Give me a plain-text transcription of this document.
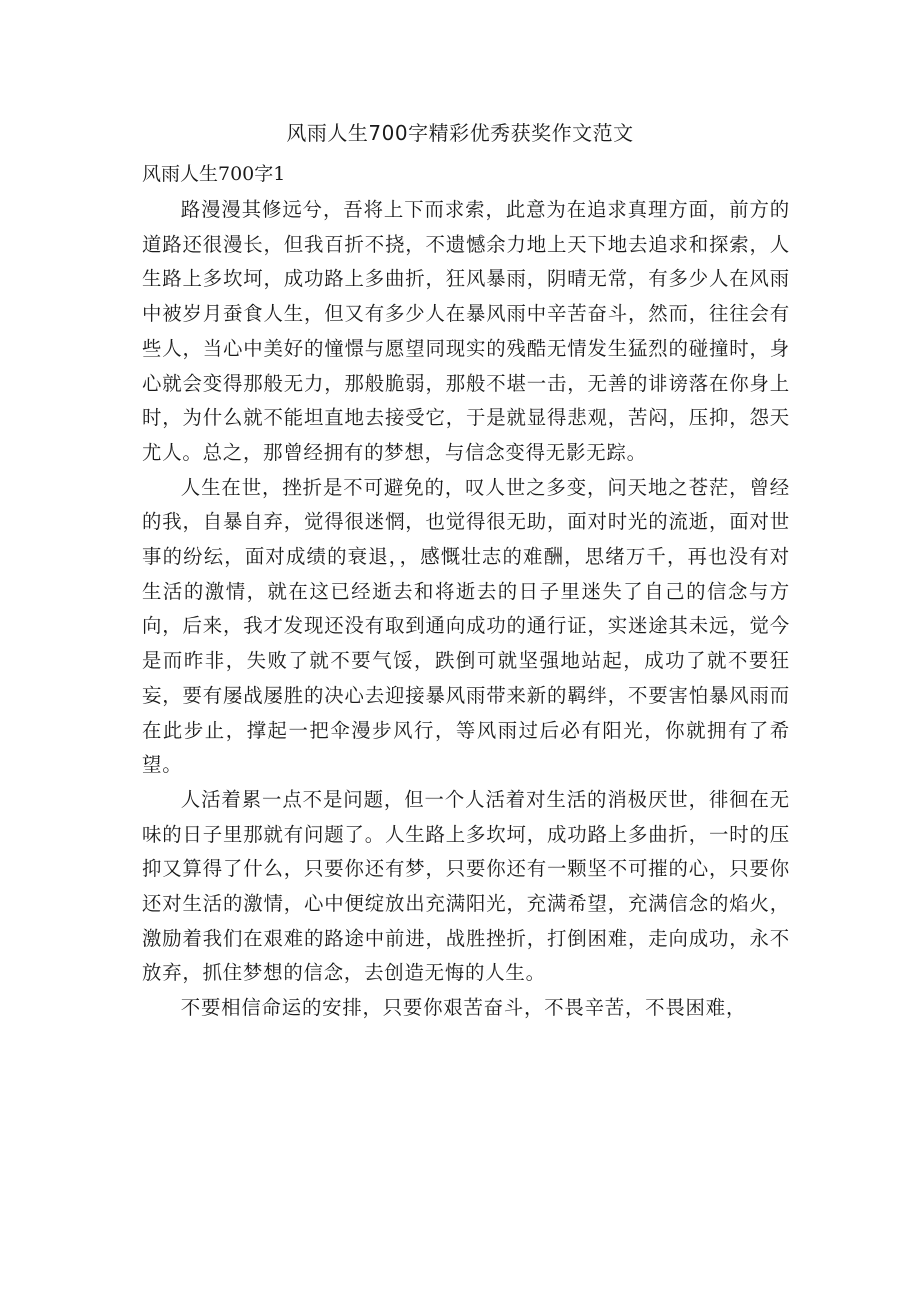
风雨人生700字精彩优秀获奖作文范文

风雨人生700字1

路漫漫其修远兮，吾将上下而求索，此意为在追求真理方面，前方的道路还很漫长，但我百折不挠，不遗憾余力地上天下地去追求和探索，人生路上多坎坷，成功路上多曲折，狂风暴雨，阴晴无常，有多少人在风雨中被岁月蚕食人生，但又有多少人在暴风雨中辛苦奋斗，然而，往往会有些人，当心中美好的憧憬与愿望同现实的残酷无情发生猛烈的碰撞时，身心就会变得那般无力，那般脆弱，那般不堪一击，无善的诽谤落在你身上时，为什么就不能坦直地去接受它，于是就显得悲观，苦闷，压抑，怨天尤人。总之，那曾经拥有的梦想，与信念变得无影无踪。

人生在世，挫折是不可避免的，叹人世之多变，问天地之苍茫，曾经的我，自暴自弃，觉得很迷惘，也觉得很无助，面对时光的流逝，面对世事的纷纭，面对成绩的衰退，，感慨壮志的难酬，思绪万千，再也没有对生活的激情，就在这已经逝去和将逝去的日子里迷失了自己的信念与方向，后来，我才发现还没有取到通向成功的通行证，实迷途其未远，觉今是而昨非，失败了就不要气馁，跌倒可就坚强地站起，成功了就不要狂妄，要有屡战屡胜的决心去迎接暴风雨带来新的羁绊，不要害怕暴风雨而在此步止，撑起一把伞漫步风行，等风雨过后必有阳光，你就拥有了希望。

人活着累一点不是问题，但一个人活着对生活的消极厌世，徘徊在无味的日子里那就有问题了。人生路上多坎坷，成功路上多曲折，一时的压抑又算得了什么，只要你还有梦，只要你还有一颗坚不可摧的心，只要你还对生活的激情，心中便绽放出充满阳光，充满希望，充满信念的焰火，激励着我们在艰难的路途中前进，战胜挫折，打倒困难，走向成功，永不放弃，抓住梦想的信念，去创造无悔的人生。

不要相信命运的安排，只要你艰苦奋斗，不畏辛苦，不畏困难，
